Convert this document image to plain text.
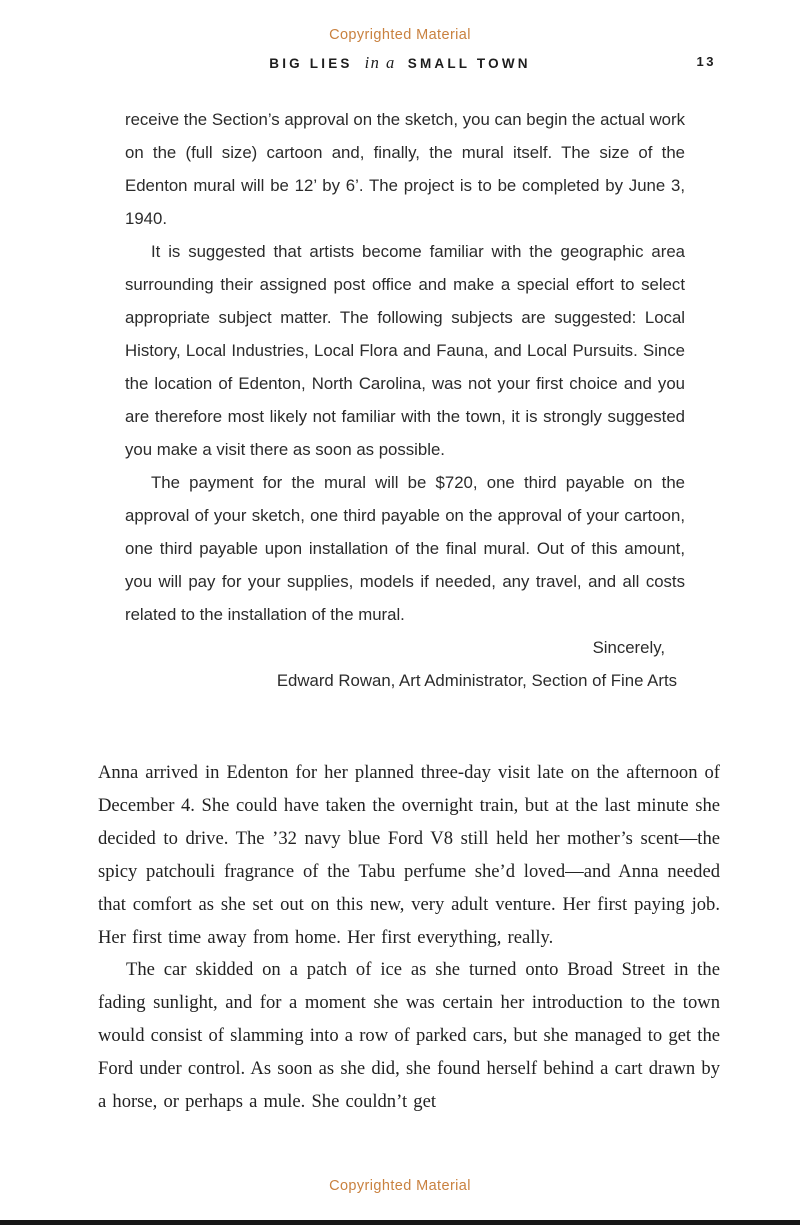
Copyrighted Material
BIG LIES in a SMALL TOWN	13

receive the Section’s approval on the sketch, you can begin the actual work on the (full size) cartoon and, finally, the mural itself. The size of the Edenton mural will be 12’ by 6’. The project is to be completed by June 3, 1940.

It is suggested that artists become familiar with the geographic area surrounding their assigned post office and make a special effort to select appropriate subject matter. The following subjects are suggested: Local History, Local Industries, Local Flora and Fauna, and Local Pursuits. Since the location of Edenton, North Carolina, was not your first choice and you are therefore most likely not familiar with the town, it is strongly suggested you make a visit there as soon as possible.

The payment for the mural will be $720, one third payable on the approval of your sketch, one third payable on the approval of your cartoon, one third payable upon installation of the final mural. Out of this amount, you will pay for your supplies, models if needed, any travel, and all costs related to the installation of the mural.

Sincerely,

Edward Rowan, Art Administrator, Section of Fine Arts

Anna arrived in Edenton for her planned three-day visit late on the afternoon of December 4. She could have taken the overnight train, but at the last minute she decided to drive. The ’32 navy blue Ford V8 still held her mother’s scent—the spicy patchouli fragrance of the Tabu perfume she’d loved—and Anna needed that comfort as she set out on this new, very adult venture. Her first paying job. Her first time away from home. Her first everything, really.

The car skidded on a patch of ice as she turned onto Broad Street in the fading sunlight, and for a moment she was certain her introduction to the town would consist of slamming into a row of parked cars, but she managed to get the Ford under control. As soon as she did, she found herself behind a cart drawn by a horse, or perhaps a mule. She couldn’t get

Copyrighted Material
